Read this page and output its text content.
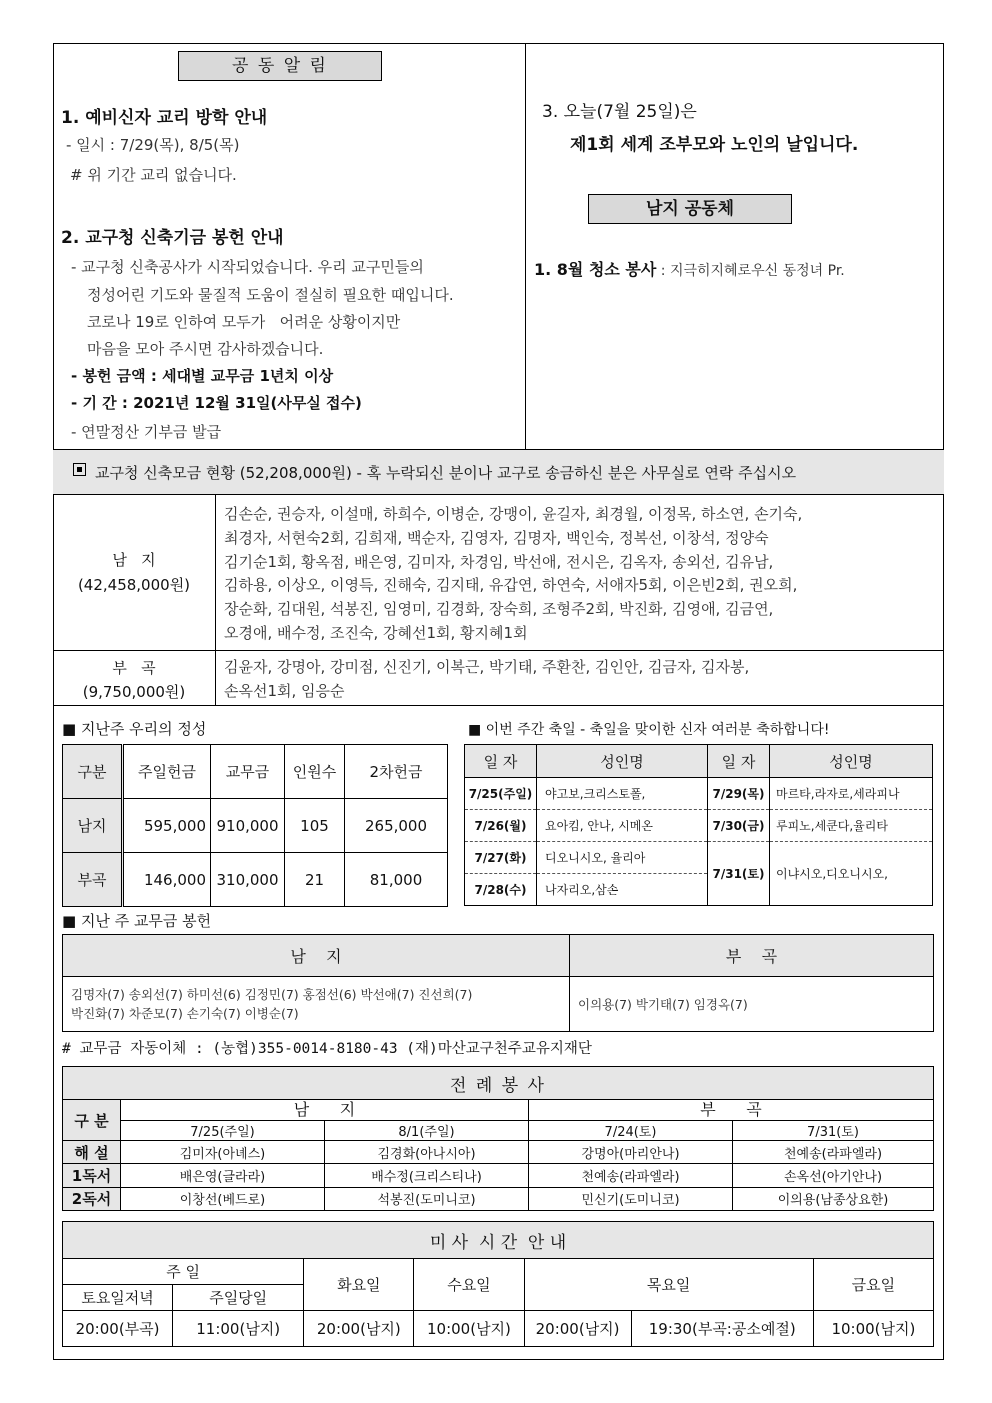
공 동 알 림
1. 예비신자 교리 방학 안내
- 일시 : 7/29(목), 8/5(목)
# 위 기간 교리 없습니다.
2. 교구청 신축기금 봉헌 안내
- 교구청 신축공사가 시작되었습니다. 우리 교구민들의
정성어린 기도와 물질적 도움이 절실히 필요한 때입니다.
코로나 19로 인하여 모두가   어려운 상황이지만
마음을 모아 주시면 감사하겠습니다.
- 봉헌 금액 : 세대별 교무금 1년치 이상
- 기 간 : 2021년 12월 31일(사무실 접수)
- 연말정산 기부금 발급
3. 오늘(7월 25일)은
제1회 세계 조부모와 노인의 날입니다.
남지 공동체
1. 8월 청소 봉사 : 지극히지혜로우신 동정녀 Pr.
교구청 신축모금 현황 (52,208,000원) - 혹 누락되신 분이나 교구로 송금하신 분은 사무실로 연락 주십시오
남   지
(42,458,000원)
김손순, 권승자, 이설매, 하희수, 이병순, 강맹이, 윤길자, 최경월, 이정목, 하소연, 손기숙,
최경자, 서현숙2회, 김희재, 백순자, 김영자, 김명자, 백인숙, 정복선, 이창석, 정양숙
김기순1회, 황옥점, 배은영, 김미자, 차경임, 박선애, 전시은, 김옥자, 송외선, 김유남,
김하용, 이상오, 이영득, 진해숙, 김지태, 유갑연, 하연숙, 서애자5회, 이은빈2회, 권오희,
장순화, 김대원, 석봉진, 임영미, 김경화, 장숙희, 조형주2회, 박진화, 김영애, 김금연,
오경애, 배수정, 조진숙, 강혜선1회, 황지혜1회
부   곡
(9,750,000원)
김윤자, 강명아, 강미점, 신진기, 이복근, 박기태, 주환찬, 김인안, 김금자, 김자봉,
손옥선1회, 임응순
■ 지난주 우리의 정성
구분	주일헌금	교무금	인원수	2차헌금
남지	595,000	910,000	105	265,000
부곡	146,000	310,000	21	81,000
■ 이번 주간 축일 - 축일을 맞이한 신자 여러분 축하합니다!
일 자	성인명	일 자	성인명
7/25(주일)	야고보,크리스토폴,	7/29(목)	마르타,라자로,세라피나
7/26(월)	요아킴, 안나, 시메온	7/30(금)	루피노,세쿤다,율리타
7/27(화)	디오니시오, 율리아	7/31(토)	이냐시오,디오니시오,
7/28(수)	나자리오,삼손		
■ 지난 주 교무금 봉헌
남    지	부    곡

김명자(7) 송외선(7) 하미선(6) 김정민(7) 홍점선(6) 박선애(7) 진선희(7)
박진화(7) 차준모(7) 손기숙(7) 이병순(7)	이의용(7) 박기태(7) 임경옥(7)
# 교무금 자동이체 : (농협)355-0014-8180-43 (재)마산교구천주교유지재단
전 례 봉 사				
구 분	남      지		부      곡	
	7/25(주일)	8/1(주일)	7/24(토)	7/31(토)
해 설	김미자(아녜스)	김경화(아나시아)	강명아(마리안나)	천예송(라파엘라)
1독서	배은영(글라라)	배수정(크리스티나)	천예송(라파엘라)	손옥선(아기안나)
2독서	이창선(베드로)	석봉진(도미니코)	민신기(도미니코)	이의용(남종상요한)
미 사  시 간  안 내						
주 일		화요일	수요일	목요일		금요일
토요일저녁	주일당일					
20:00(부곡)	11:00(남지)	20:00(남지)	10:00(남지)	20:00(남지)	19:30(부곡:공소예절)	10:00(남지)
